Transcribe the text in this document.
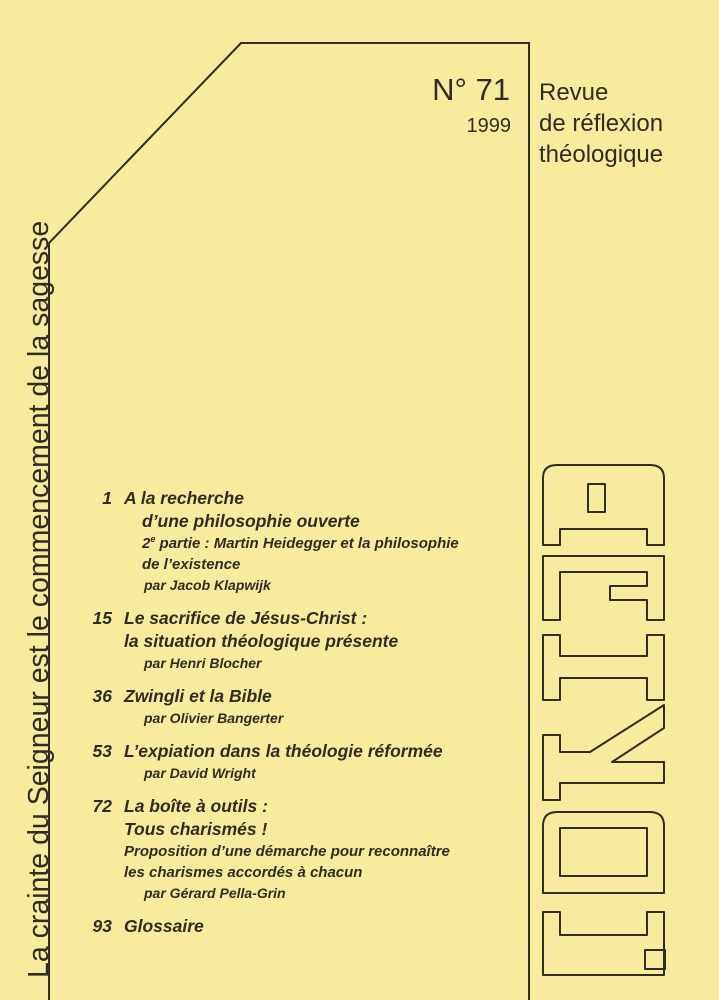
N° 71
1999
Revue
de réflexion
théologique
La crainte du Seigneur est le commencement de la sagesse	1 A la recherche
d’une philosophie ouverte
2e partie : Martin Heidegger et la philosophie
de l’existence
par Jacob Klapwijk
15 Le sacrifice de Jésus-Christ :
la situation théologique présente
par Henri Blocher
36 Zwingli et la Bible
par Olivier Bangerter
53 L’expiation dans la théologie réformée
par David Wright
72 La boîte à outils :
Tous charismés !
Proposition d’une démarche pour reconnaître
les charismes accordés à chacun
par Gérard Pella-Grin
93 Glossaire
